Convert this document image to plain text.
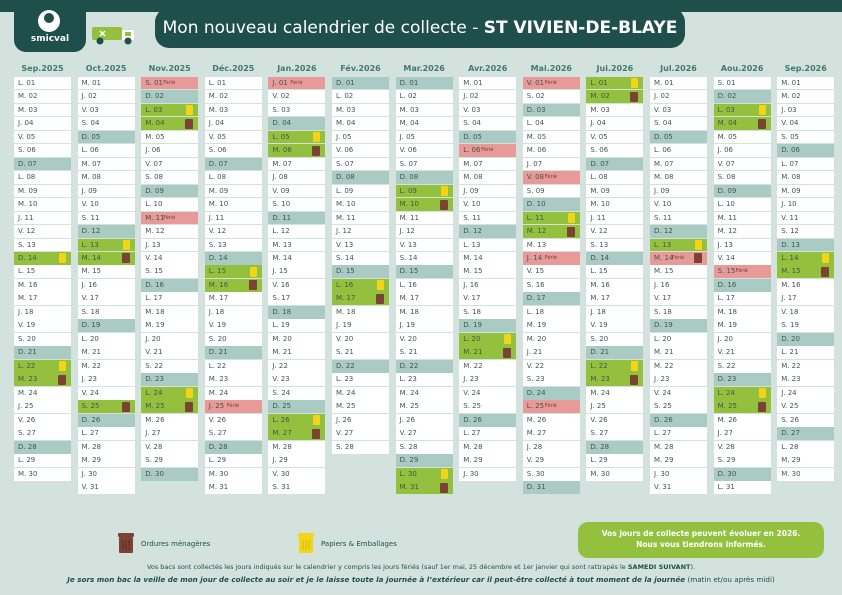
smicval
Mon nouveau calendrier de collecte - ST VIVIEN-DE-BLAYE
Sep.2025
L. 01
M. 02
M. 03
J. 04
V. 05
S. 06
D. 07
L. 08
M. 09
M. 10
J. 11
V. 12
S. 13
D. 14
L. 15
M. 16
M. 17
J. 18
V. 19
S. 20
D. 21
L. 22
M. 23
M. 24
J. 25
V. 26
S. 27
D. 28
L. 29
M. 30
Oct.2025
M. 01
J. 02
V. 03
S. 04
D. 05
L. 06
M. 07
M. 08
J. 09
V. 10
S. 11
D. 12
L. 13
M. 14
M. 15
J. 16
V. 17
S. 18
D. 19
L. 20
M. 21
M. 22
J. 23
V. 24
S. 25
D. 26
L. 27
M. 28
M. 29
J. 30
V. 31
Nov.2025
S. 01 Férié
D. 02
L. 03
M. 04
M. 05
J. 06
V. 07
S. 08
D. 09
L. 10
M. 11
Férié
M. 12
J. 13
V. 14
S. 15
D. 16
L. 17
M. 18
M. 19
J. 20
V. 21
S. 22
D. 23
L. 24
M. 25
M. 26
J. 27
V. 28
S. 29
D. 30
Déc.2025
L. 01
M. 02
M. 03
J. 04
V. 05
S. 06
D. 07
L. 08
M. 09
M. 10
J. 11
V. 12
S. 13
D. 14
L. 15
M. 16
M. 17
J. 18
V. 19
S. 20
D. 21
L. 22
M. 23
M. 24
J. 25 Férié
V. 26
S. 27
D. 28
L. 29
M. 30
M. 31
Jan.2026
J. 01 Férié
V. 02
S. 03
D. 04
L. 05
M. 06
M. 07
J. 08
V. 09
S. 10
D. 11
L. 12
M. 13
M. 14
J. 15
V. 16
S. 17
D. 18
L. 19
M. 20
M. 21
J. 22
V. 23
S. 24
D. 25
L. 26
M. 27
M. 28
J. 29
V. 30
S. 31
Fév.2026
D. 01
L. 02
M. 03
M. 04
J. 05
V. 06
S. 07
D. 08
L. 09
M. 10
M. 11
J. 12
V. 13
S. 14
D. 15
L. 16
M. 17
M. 18
J. 19
V. 20
S. 21
D. 22
L. 23
M. 24
M. 25
J. 26
V. 27
S. 28
Mar.2026
D. 01
L. 02
M. 03
M. 04
J. 05
V. 06
S. 07
D. 08
L. 09
M. 10
M. 11
J. 12
V. 13
S. 14
D. 15
L. 16
M. 17
M. 18
J. 19
V. 20
S. 21
D. 22
L. 23
M. 24
M. 25
J. 26
V. 27
S. 28
D. 29
L. 30
M. 31
Avr.2026
M. 01
J. 02
V. 03
S. 04
D. 05
L. 06 Férié
M. 07
M. 08
J. 09
V. 10
S. 11
D. 12
L. 13
M. 14
M. 15
J. 16
V. 17
S. 18
D. 19
L. 20
M. 21
M. 22
J. 23
V. 24
S. 25
D. 26
L. 27
M. 28
M. 29
J. 30
Mai.2026
V. 01 Férié
S. 02
D. 03
L. 04
M. 05
M. 06
J. 07
V. 08 Férié
S. 09
D. 10
L. 11
M. 12
M. 13
J. 14 Férié
V. 15
S. 16
D. 17
L. 18
M. 19
M. 20
J. 21
V. 22
S. 23
D. 24
L. 25 Férié
M. 26
M. 27
J. 28
V. 29
S. 30
D. 31
Jui.2026
L. 01
M. 02
M. 03
J. 04
V. 05
S. 06
D. 07
L. 08
M. 09
M. 10
J. 11
V. 12
S. 13
D. 14
L. 15
M. 16
M. 17
J. 18
V. 19
S. 20
D. 21
L. 22
M. 23
M. 24
J. 25
V. 26
S. 27
D. 28
L. 29
M. 30
Jul.2026
M. 01
J. 02
V. 03
S. 04
D. 05
L. 06
M. 07
M. 08
J. 09
V. 10
S. 11
D. 12
L. 13
M. 14
Férié
M. 15
J. 16
V. 17
S. 18
D. 19
L. 20
M. 21
M. 22
J. 23
V. 24
S. 25
D. 26
L. 27
M. 28
M. 29
J. 30
V. 31
Aou.2026
S. 01
D. 02
L. 03
M. 04
M. 05
J. 06
V. 07
S. 08
D. 09
L. 10
M. 11
M. 12
J. 13
V. 14
S. 15 Férié
D. 16
L. 17
M. 18
M. 19
J. 20
V. 21
S. 22
D. 23
L. 24
M. 25
M. 26
J. 27
V. 28
S. 29
D. 30
L. 31
Sep.2026
M. 01
M. 02
J. 03
V. 04
S. 05
D. 06
L. 07
M. 08
M. 09
J. 10
V. 11
S. 12
D. 13
L. 14
M. 15
M. 16
J. 17
V. 18
S. 19
D. 20
L. 21
M. 22
M. 23
J. 24
V. 25
S. 26
D. 27
L. 28
M. 29
M. 30
Ordures ménagères	Papiers & Emballages
Vos jours de collecte peuvent évoluer en 2026.
Nous vous tiendrons informés.
Vos bacs sont collectés les jours indiqués sur le calendrier y compris les jours fériés (sauf 1er mai, 25 décembre et 1er janvier qui sont rattrapés le SAMEDI SUIVANT).
Je sors mon bac la veille de mon jour de collecte au soir et je le laisse toute la journée à l’extérieur car il peut-être collecté à tout moment de la journée (matin et/ou après midi)
